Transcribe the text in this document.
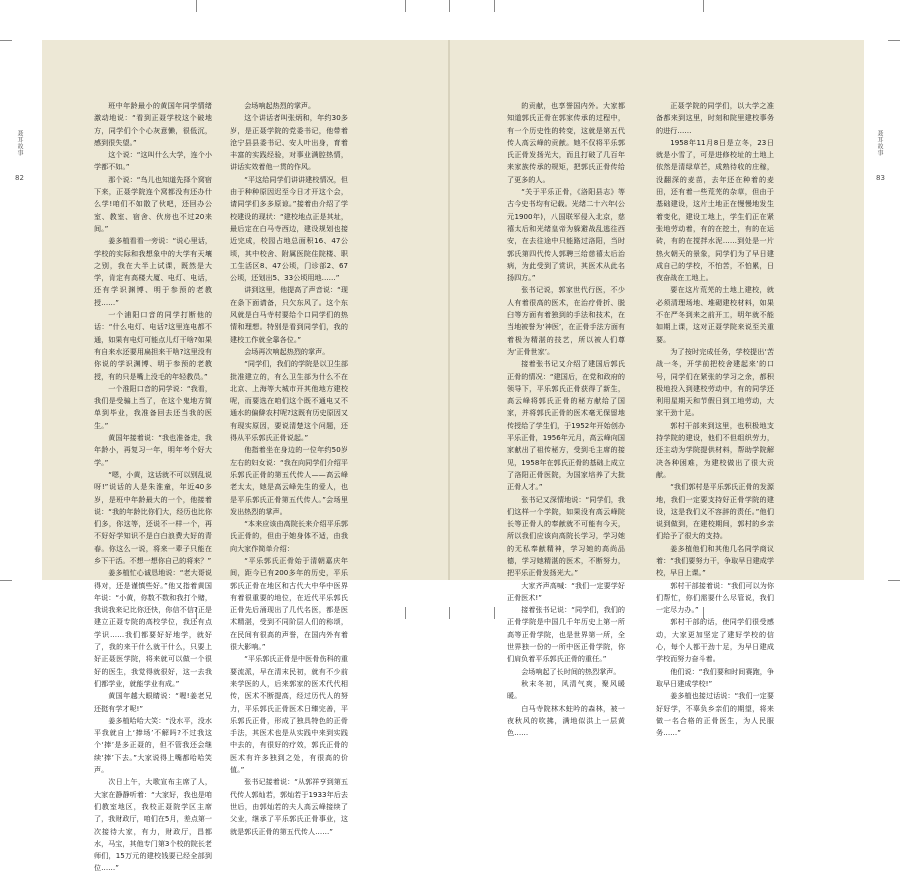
聂耳故事
82
聂耳故事
83

班中年龄最小的黄国年同学情绪激动地说：“看到正聂学校这个破地方，同学们个个心灰意懒，很低沉，感到很失望。”

这个说：“这叫什么大学，连个小学都不如。”

那个说：“鸟儿也知道先择个窝宿下来，正聂学院连个窝都没有还办什么学!咱们不如散了伙吧，还回办公室、教室、宿舍、伙房也不过20来间。”

姜多植看看一旁说：“说心里话，学校的实际和我想象中的大学有天壤之别，我在大半上试课，既然是大学，肯定有高楼大厦、电灯、电话，还有学识渊博、明于参预的老教授……”

一个浦阳口音的同学打断他的话：“什么电灯、电话?这里连电都不通，如果有电灯可能点儿灯干啥?如果有自来水还要用扁担来干啥?这里没有你说的学识渊博、明于参预的老教授，有的只是嘴上没毛的年轻教员。”

一个淮阳口音的同学说：“我看，我们是受骗上当了，在这个鬼地方简单到毕业，我准备回去还当我的医生。”

黄国年接着说：“我也准备走，我年龄小，再复习一年，明年考个好大学。”

“嗯，小黄，这话就不可以别乱说呀!”说话的人是朱淮童，年近40多岁，是班中年龄最大的一个，他接着说：“我的年龄比你们大，经历也比你们多，你这等，还说不一样一个，再不好好学知识不是白白浪费大好的青春。你这么一说，将来一辈子只能在乡下干活。不想一想你自己的将来？”

姜多植忙心诚恳地说：“老大哥说得对，还是谨慎些好。”他又指着黄国年说：“小黄，你数不数和我打个赌，我说我来记比你还快，你信不信?正是建立正聂专院的高校学位，我还有点学识……我们都要好好地学，就好了，我的来干什么就干什么，只要上好正聂医学院，将来就可以做一个很好的医生，我觉得就很好，这一去我们都学业，就能学业有成。”

黄国年越大眼睛说：“喔!姜老兄还挺有学才呢!”

姜多植哈哈大笑：“没水平，没水平我就自上‘捧场’不解吗?不过我这个‘捧’是多正聂的，但不管我还会继续‘捧’下去。”大家说得上嘴都哈哈笑声。

次日上午，大歌宣布主席了人，大家在静静听着：“大家好，我也是咱们教室地区，我校正聂院学区主席了，我财政厅，咱们在5月，差点第一次接待大家，有力，财政厅，昌都水，马宝，其他专门第3个校的院长老师们，15万元的建校钱要已经全部到位……”

会场响起热烈的掌声。

这个讲话者叫张炳和，年约30多岁，是正聂学院的党委书记，他带着沧宁县县委书记、安人叶出身，育着丰富的实践经验，对事业满腔热情，讲话实效着他一贯的作风。

“平这给同学们讲讲建校情况，但由于种种原因迟至今日才开这个会，请同学们多多原谅。”接着由介绍了学校建设的现状：“建校地点正是其址，最后定在白马寺西边，建设规划也接近完成，校园占地总面积16、47公顷，其中校舍、附属医院住院楼、职工生活区8、47公顷，门诊部2、67公顷，还划出5、33公顷用地……”

讲到这里，他提高了声音说：“现在条下面请备，只欠东风了。这个东风就是白马寺村要给个口同学们的热情和理想。特别是看到同学们，我的建校工作就全靠各位。”

会场再次响起热烈的掌声。

“同学们，我们的学院是以卫生部批准建立的，有么卫生部为什么不在北京、上海等大城市开其他地方建校呢，而要选在咱们这个既不通电又不通水的偏僻农村呢?这既有历史原因又有现实原因，要说清楚这个问题，还得从平乐郭氏正骨说起。”

他指着坐在身边的一位年约50岁左右的妇女说：“我在向同学们介绍平乐郭氏正骨的第五代传人——高云峰老太太，她是高云峰先生的爱人，也是平乐郭氏正骨第五代传人。”会场里发出热烈的掌声。

“本来应该由高院长来介绍平乐郭氏正骨的，但由于她身体不适，由我向大家作简单介绍：

“平乐郭氏正骨始于清朝嘉庆年间，距今已有200多年的历史，平乐郭氏正骨在地区和古代大中华中医界有着很重要的地位，在近代平乐郭氏正骨先后涌现出了几代名医，都是医术精湛，受到不同阶层人们的称颂，在民间有很高的声誉，在国内外有着很大影响。”

“平乐郭氏正骨是中医骨伤科的重要流派，早在清末民初，就有不少前来学医的人，后来郭家的医术代代相传，医术不断提高，经过历代人的努力，平乐郭氏正骨医术日臻完善，平乐郭氏正骨，形成了独具特色的正骨手法，其医术也是从实践中来到实践中去的，有很好的疗效，郭氏正骨的医术有许多独到之处，有很高的价值。”

张书记接着说：“从郭祥亨到第五代传人郭灿若，郭灿若于1933年后去世后，由郭灿若的夫人高云峰接续了父业，继承了平乐郭氏正骨事业，这就是郭氏正骨的第五代传人……”

的贡献，也享誉国内外。大家都知道郭氏正骨在郭家传承的过程中，有一个历史性的转变，这就是第五代传人高云峰的贡献。她不仅将平乐郭氏正骨发扬光大，而且打破了几百年来家族传承的规矩，把郭氏正骨传给了更多的人。

“关于平乐正骨，《洛阳县志》等古今史书均有记载。光绪二十六年(公元1900年)，八国联军侵入北京，慈禧太后和光绪皇帝为躲避战乱逃往西安，在去往途中只能路过洛阳，当时郭氏第四代传人郭聘三给慈禧太后治病，为此受到了赏识，其医术从此名扬四方。”

张书记说，郭家世代行医，不少人有着很高的医术，在治疗骨折、脱臼等方面有着独到的手法和技术，在当地被誉为‘神医’，在正骨手法方面有着极为精湛的技艺，所以被人们尊为‘正骨世家’。

接着张书记又介绍了建国后郭氏正骨的情况：“建国后，在党和政府的领导下，平乐郭氏正骨获得了新生，高云峰将郭氏正骨的秘方献给了国家，并将郭氏正骨的医术毫无保留地传授给了学生们，于1952年开始创办平乐正骨，1956年元月，高云峰向国家献出了祖传秘方，受到毛主席的接见，1958年在郭氏正骨的基础上成立了洛阳正骨医院，为国家培养了大批正骨人才。”

张书记又深情地说：“同学们，我们这样一个学院，如果没有高云峰院长等正骨人的奉献就不可能有今天，所以我们应该向高院长学习，学习她的无私奉献精神，学习她的高尚品德，学习她精湛的医术，不断努力，把平乐正骨发扬光大。”

大家齐声高喊：“我们一定要学好正骨医术!”

接着张书记说：“同学们，我们的正骨学院是中国几千年历史上第一所高等正骨学院，也是世界第一所，全世界独一份的一所中医正骨学院，你们肩负着平乐郭氏正骨的重任。”

会场响起了长时间的热烈掌声。

秋末冬初，风清气爽，聚风暖暖。

白马寺院林木蛀吟的森林，被一夜秋风的吹拂，满地似洪上一层黄色……

正聂学院的同学们，以大学之准备都来到这里，时刻和院里建校事务的进行……

1958年11月8日是立冬，23日就是小雪了，可是进修校址的土地上依然是清绿草芒，成熟待收的庄稼，没翻深的麦苗，去年还在种着的麦田，还有着一些荒芜的杂草，但由于基础建设，这片土地正在慢慢地发生着变化，建设工地上，学生们正在紧张地劳动着，有的在挖土，有的在运砖，有的在搅拌水泥……到处是一片热火朝天的景象，同学们为了早日建成自己的学校，不怕苦，不怕累，日夜奋战在工地上。

要在这片荒芜的土地上建校，就必须清理场地、堆砌建校材料，如果不在严冬到来之前开工，明年就不能如期上课，这对正聂学院来说至关重要。

为了按时完成任务，学校提出‘苦战一冬，开学前把校舍建起来’的口号，同学们在紧张的学习之余，都积极地投入到建校劳动中，有的同学还利用星期天和节假日到工地劳动，大家干劲十足。

郭村干部来到这里，也积极地支持学院的建设，他们不但组织劳力，还主动为学院提供材料，帮助学院解决各种困难，为建校做出了很大贡献。

“我们郭村是平乐郭氏正骨的发源地，我们一定要支持好正骨学院的建设，这是我们义不容辞的责任。”他们说到做到，在建校期间，郭村的乡亲们给予了很大的支持。

姜多植他们和其他几名同学商议着：“我们要努力干，争取早日建成学校，早日上课。”

郭村干部接着说：“我们可以为你们帮忙，你们需要什么尽管说，我们一定尽力办。”

郭村干部的话，使同学们很受感动，大家更加坚定了建好学校的信心，每个人都干劲十足，为早日建成学校而努力奋斗着。

他们说：“我们要和时间赛跑，争取早日建成学校!”

姜多植也接过话说：“我们一定要好好学，不辜负乡亲们的期望，将来做一名合格的正骨医生，为人民服务……”
